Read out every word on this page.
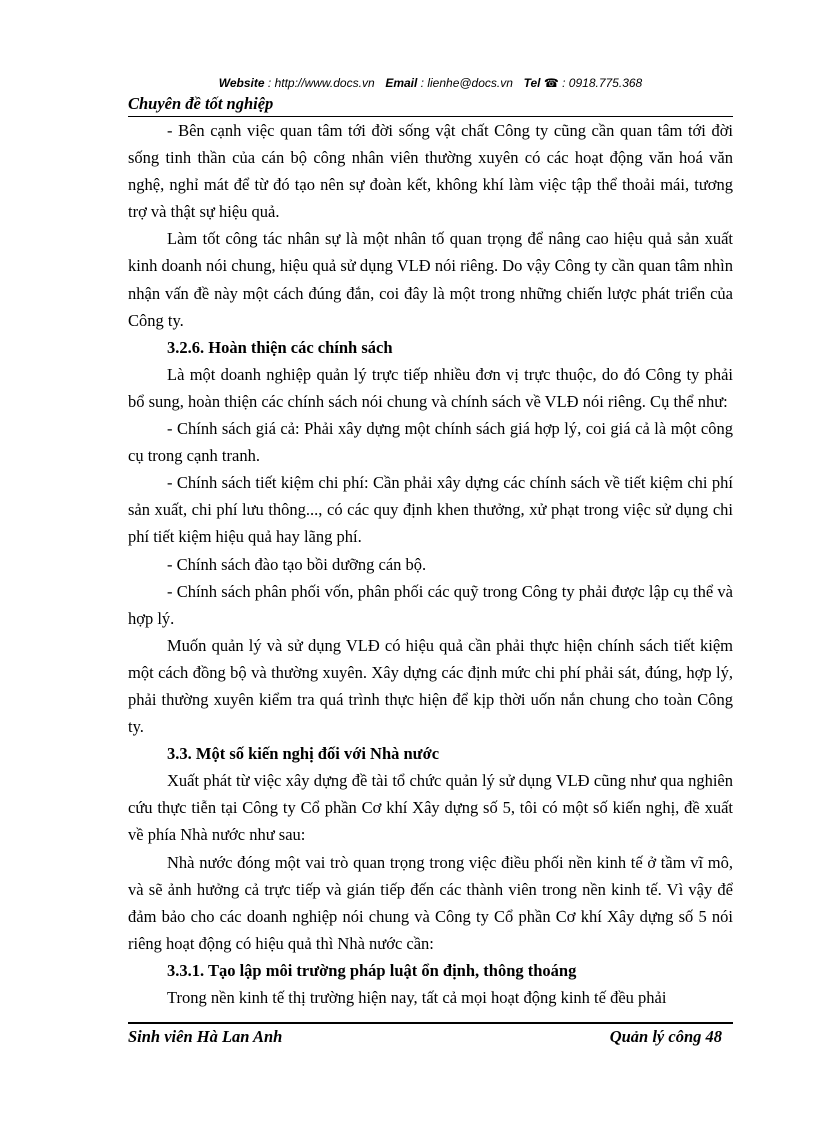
Website : http://www.docs.vn Email : lienhe@docs.vn Tel ☎ : 0918.775.368
Chuyên đề tốt nghiệp

- Bên cạnh việc quan tâm tới đời sống vật chất Công ty cũng cần quan tâm tới đời sống tinh thần của cán bộ công nhân viên thường xuyên có các hoạt động văn hoá văn nghệ, nghỉ mát để từ đó tạo nên sự đoàn kết, không khí làm việc tập thể thoải mái, tương trợ và thật sự hiệu quả.

Làm tốt công tác nhân sự là một nhân tố quan trọng để nâng cao hiệu quả sản xuất kinh doanh nói chung, hiệu quả sử dụng VLĐ nói riêng. Do vậy Công ty cần quan tâm nhìn nhận vấn đề này một cách đúng đắn, coi đây là một trong những chiến lược phát triển của Công ty.

3.2.6. Hoàn thiện các chính sách

Là một doanh nghiệp quản lý trực tiếp nhiều đơn vị trực thuộc, do đó Công ty phải bổ sung, hoàn thiện các chính sách nói chung và chính sách về VLĐ nói riêng. Cụ thể như:

- Chính sách giá cả: Phải xây dựng một chính sách giá hợp lý, coi giá cả là một công cụ trong cạnh tranh.

- Chính sách tiết kiệm chi phí: Cần phải xây dựng các chính sách về tiết kiệm chi phí sản xuất, chi phí lưu thông..., có các quy định khen thưởng, xử phạt trong việc sử dụng chi phí tiết kiệm hiệu quả hay lãng phí.

- Chính sách đào tạo bồi dưỡng cán bộ.

- Chính sách phân phối vốn, phân phối các quỹ trong Công ty phải được lập cụ thể và hợp lý.

Muốn quản lý và sử dụng VLĐ có hiệu quả cần phải thực hiện chính sách tiết kiệm một cách đồng bộ và thường xuyên. Xây dựng các định mức chi phí phải sát, đúng, hợp lý, phải thường xuyên kiểm tra quá trình thực hiện để kịp thời uốn nắn chung cho toàn Công ty.

3.3. Một số kiến nghị đối với Nhà nước

Xuất phát từ việc xây dựng đề tài tổ chức quản lý sử dụng VLĐ cũng như qua nghiên cứu thực tiễn tại Công ty Cổ phần Cơ khí Xây dựng số 5, tôi có một số kiến nghị, đề xuất về phía Nhà nước như sau:

Nhà nước đóng một vai trò quan trọng trong việc điều phối nền kinh tế ở tầm vĩ mô, và sẽ ảnh hưởng cả trực tiếp và gián tiếp đến các thành viên trong nền kinh tế. Vì vậy để đảm bảo cho các doanh nghiệp nói chung và Công ty Cổ phần Cơ khí Xây dựng số 5 nói riêng hoạt động có hiệu quả thì Nhà nước cần:

3.3.1. Tạo lập môi trường pháp luật ổn định, thông thoáng

Trong nền kinh tế thị trường hiện nay, tất cả mọi hoạt động kinh tế đều phải

Sinh viên Hà Lan Anh	Quản lý công 48
